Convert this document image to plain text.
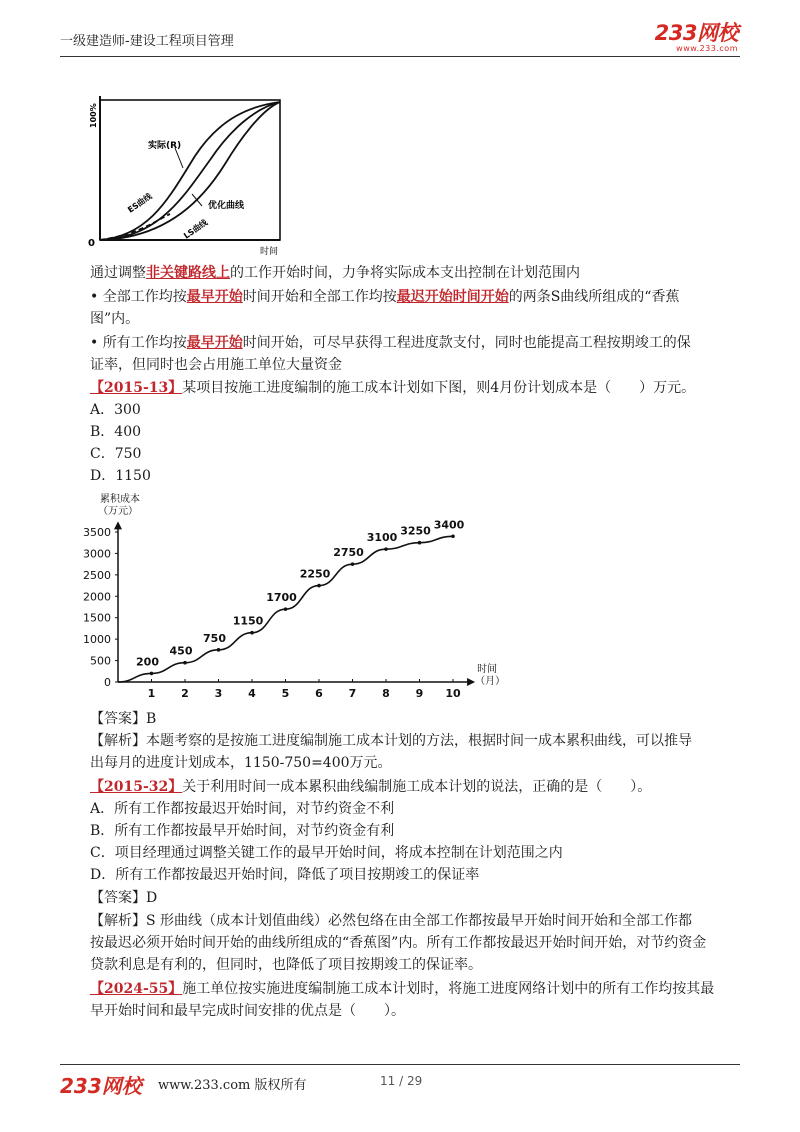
一级建造师-建设工程项目管理	233网校
www.233.com
100%
0
时间
实际(R)
ES曲线
LS曲线
优化曲线
通过调整非关键路线上的工作开始时间，力争将实际成本支出控制在计划范围内
• 全部工作均按最早开始时间开始和全部工作均按最迟开始时间开始的两条S曲线所组成的“香蕉
图”内。
• 所有工作均按最早开始时间开始，可尽早获得工程进度款支付，同时也能提高工程按期竣工的保
证率，但同时也会占用施工单位大量资金
【2015-13】某项目按施工进度编制的施工成本计划如下图，则4月份计划成本是（　　）万元。
A．300
B．400
C．750
D．1150
0
500
1000
1500
2000
2500
3000
3500
1 2 3 4 5 6 7 8 9 10
累积成本
（万元）
时间
（月）
200
450
750
1150
1700
2250
2750
3100 3250 3400
【答案】B
【解析】本题考察的是按施工进度编制施工成本计划的方法，根据时间一成本累积曲线，可以推导
出每月的进度计划成本，1150-750=400万元。
【2015-32】关于利用时间一成本累积曲线编制施工成本计划的说法，正确的是（　　）。
A．所有工作都按最迟开始时间，对节约资金不利
B．所有工作都按最早开始时间，对节约资金有利
C．项目经理通过调整关键工作的最早开始时间，将成本控制在计划范围之内
D．所有工作都按最迟开始时间，降低了项目按期竣工的保证率
【答案】D
【解析】S 形曲线（成本计划值曲线）必然包络在由全部工作都按最早开始时间开始和全部工作都
按最迟必须开始时间开始的曲线所组成的“香蕉图”内。所有工作都按最迟开始时间开始，对节约资金
贷款利息是有利的，但同时，也降低了项目按期竣工的保证率。
【2024-55】施工单位按实施进度编制施工成本计划时，将施工进度网络计划中的所有工作均按其最
早开始时间和最早完成时间安排的优点是（　　）。
233网校 www.233.com 版权所有	11 / 29
